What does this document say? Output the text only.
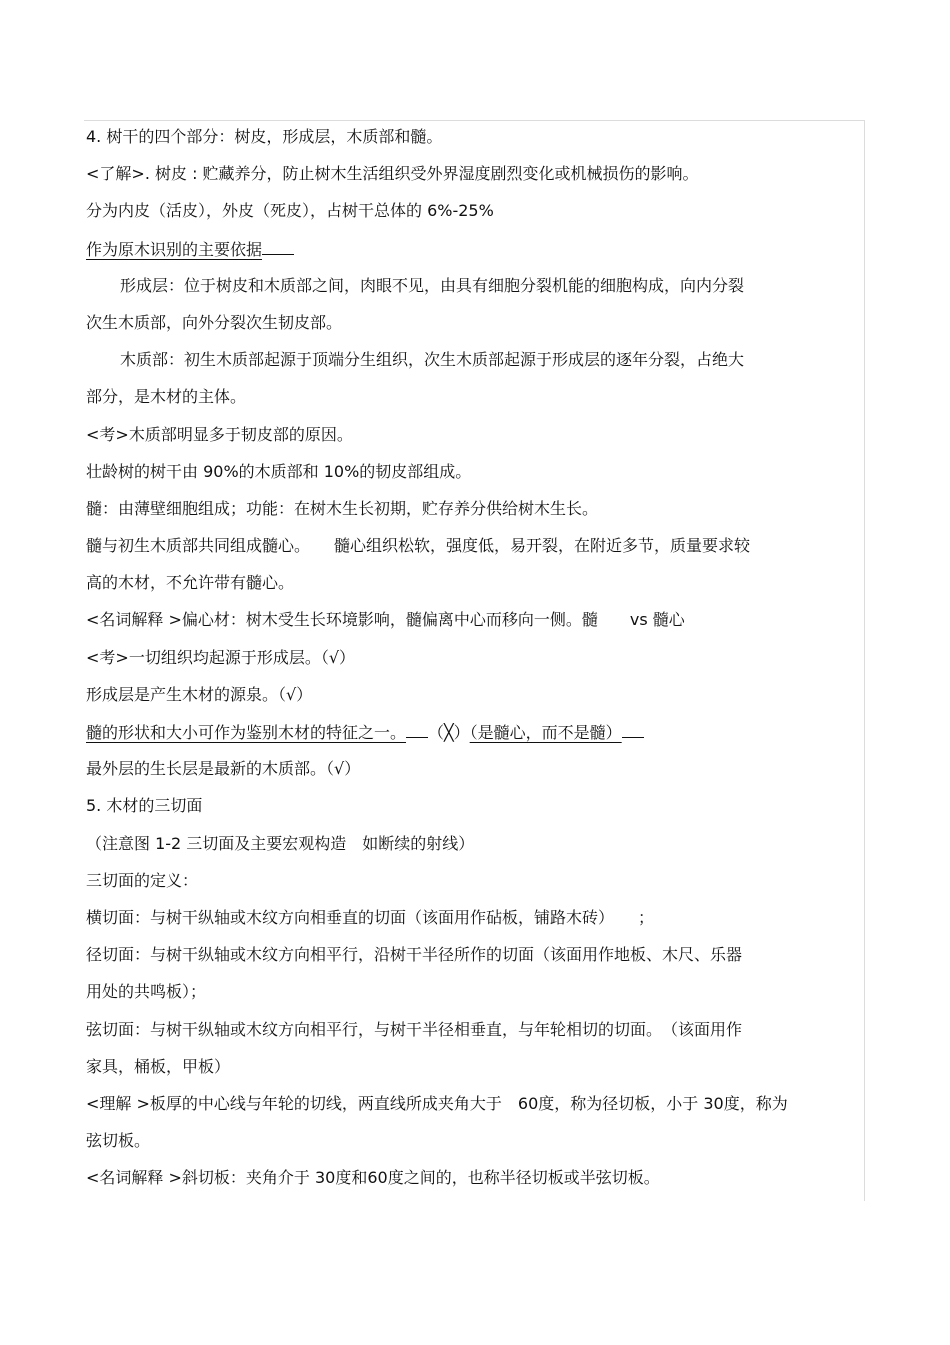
4. 树干的四个部分：树皮，形成层，木质部和髓。
<了解>. 树皮 : 贮藏养分，防止树木生活组织受外界湿度剧烈变化或机械损伤的影响。
分为内皮（活皮），外皮（死皮），占树干总体的 6%-25%
作为原木识别的主要依据
形成层：位于树皮和木质部之间，肉眼不见，由具有细胞分裂机能的细胞构成，向内分裂
次生木质部，向外分裂次生韧皮部。
木质部：初生木质部起源于顶端分生组织，次生木质部起源于形成层的逐年分裂，占绝大
部分，是木材的主体。
<考>木质部明显多于韧皮部的原因。
壮龄树的树干由 90%的木质部和 10%的韧皮部组成。
髓：由薄壁细胞组成；功能：在树木生长初期，贮存养分供给树木生长。
髓与初生木质部共同组成髓心。　　髓心组织松软，强度低，易开裂，在附近多节，质量要求较
高的木材，不允许带有髓心。
<名词解释 >偏心材：树木受生长环境影响，髓偏离中心而移向一侧。髓　　vs 髓心
<考>一切组织均起源于形成层。（√）
形成层是产生木材的源泉。（√）
髓的形状和大小可作为鉴别木材的特征之一。 （╳）（是髓心，而不是髓）
最外层的生长层是最新的木质部。（√）
5. 木材的三切面
（注意图 1-2 三切面及主要宏观构造　如断续的射线）
三切面的定义：
横切面：与树干纵轴或木纹方向相垂直的切面（该面用作砧板，铺路木砖）　　；
径切面：与树干纵轴或木纹方向相平行，沿树干半径所作的切面（该面用作地板、木尺、乐器
用处的共鸣板）；
弦切面：与树干纵轴或木纹方向相平行，与树干半径相垂直，与年轮相切的切面。　（该面用作
家具，桶板，甲板）
<理解 >板厚的中心线与年轮的切线，两直线所成夹角大于　60度，称为径切板，小于 30度，称为
弦切板。
<名词解释 >斜切板：夹角介于 30度和60度之间的，也称半径切板或半弦切板。
